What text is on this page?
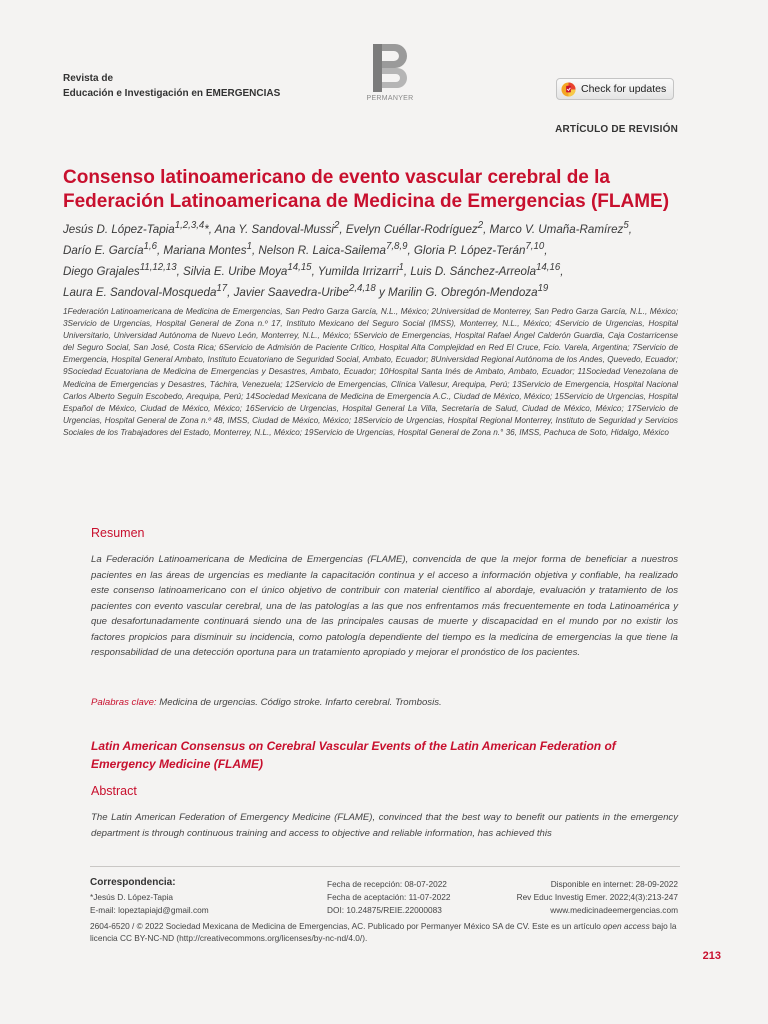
Revista de
Educación e Investigación en EMERGENCIAS	PERMANYER
Check for updates
ARTÍCULO DE REVISIÓN
Consenso latinoamericano de evento vascular cerebral de la Federación Latinoamericana de Medicina de Emergencias (FLAME)
Jesús D. López-Tapia$^{1,2,3,4}$*, Ana Y. Sandoval-Mussi$^2$, Evelyn Cuéllar-Rodríguez$^2$, Marco V. Umaña-Ramírez$^5$,
Darío E. García$^{1,6}$, Mariana Montes$^1$, Nelson R. Laica-Sailema$^{7,8,9}$, Gloria P. López-Terán$^{7,10}$,
Diego Grajales$^{11,12,13}$, Silvia E. Uribe Moya$^{14,15}$, Yumilda Irrizarri$^1$, Luis D. Sánchez-Arreola$^{14,16}$,
Laura E. Sandoval-Mosqueda$^{17}$, Javier Saavedra-Uribe$^{2,4,18}$ y Marilin G. Obregón-Mendoza$^{19}$
1Federación Latinoamericana de Medicina de Emergencias, San Pedro Garza García, N.L., México; 2Universidad de Monterrey, San Pedro Garza García, N.L., México; 3Servicio de Urgencias, Hospital General de Zona n.º 17, Instituto Mexicano del Seguro Social (IMSS), Monterrey, N.L., México; 4Servicio de Urgencias, Hospital Universitario, Universidad Autónoma de Nuevo León, Monterrey, N.L., México; 5Servicio de Emergencias, Hospital Rafael Ángel Calderón Guardia, Caja Costarricense del Seguro Social, San José, Costa Rica; 6Servicio de Admisión de Paciente Crítico, Hospital Alta Complejidad en Red El Cruce, Fcio. Varela, Argentina; 7Servicio de Emergencia, Hospital General Ambato, Instituto Ecuatoriano de Seguridad Social, Ambato, Ecuador; 8Universidad Regional Autónoma de los Andes, Quevedo, Ecuador; 9Sociedad Ecuatoriana de Medicina de Emergencias y Desastres, Ambato, Ecuador; 10Hospital Santa Inés de Ambato, Ambato, Ecuador; 11Sociedad Venezolana de Medicina de Emergencias y Desastres, Táchira, Venezuela; 12Servicio de Emergencias, Clínica Vallesur, Arequipa, Perú; 13Servicio de Emergencia, Hospital Nacional Carlos Alberto Seguín Escobedo, Arequipa, Perú; 14Sociedad Mexicana de Medicina de Emergencia A.C., Ciudad de México, México; 15Servicio de Urgencias, Hospital Español de México, Ciudad de México, México; 16Servicio de Urgencias, Hospital General La Villa, Secretaría de Salud, Ciudad de México, México; 17Servicio de Urgencias, Hospital General de Zona n.º 48, IMSS, Ciudad de México, México; 18Servicio de Urgencias, Hospital Regional Monterrey, Instituto de Seguridad y Servicios Sociales de los Trabajadores del Estado, Monterrey, N.L., México; 19Servicio de Urgencias, Hospital General de Zona n.° 36, IMSS, Pachuca de Soto, Hidalgo, México
Resumen
La Federación Latinoamericana de Medicina de Emergencias (FLAME), convencida de que la mejor forma de beneficiar a nuestros pacientes en las áreas de urgencias es mediante la capacitación continua y el acceso a información objetiva y confiable, ha realizado este consenso latinoamericano con el único objetivo de contribuir con material científico al abordaje, evaluación y tratamiento de los pacientes con evento vascular cerebral, una de las patologías a las que nos enfrentamos más frecuentemente en toda Latinoamérica y que desafortunadamente continuará siendo una de las principales causas de muerte y discapacidad en el mundo por no existir los factores propicios para disminuir su incidencia, como patología dependiente del tiempo es la medicina de emergencias la que tiene la responsabilidad de una detección oportuna para un tratamiento apropiado y mejorar el pronóstico de los pacientes.
Palabras clave: Medicina de urgencias. Código stroke. Infarto cerebral. Trombosis.
Latin American Consensus on Cerebral Vascular Events of the Latin American Federation of Emergency Medicine (FLAME)
Abstract
The Latin American Federation of Emergency Medicine (FLAME), convinced that the best way to benefit our patients in the emergency department is through continuous training and access to objective and reliable information, has achieved this
Correspondencia:
*Jesús D. López-Tapia
E-mail: lopeztapiajd@gmail.com
Fecha de recepción: 08-07-2022
Fecha de aceptación: 11-07-2022
DOI: 10.24875/REIE.22000083
Disponible en internet: 28-09-2022
Rev Educ Investig Emer. 2022;4(3):213-247
www.medicinadeemergencias.com
2604-6520 / © 2022 Sociedad Mexicana de Medicina de Emergencias, AC. Publicado por Permanyer México SA de CV. Este es un artículo open access bajo la licencia CC BY-NC-ND (http://creativecommons.org/licenses/by-nc-nd/4.0/).
213
